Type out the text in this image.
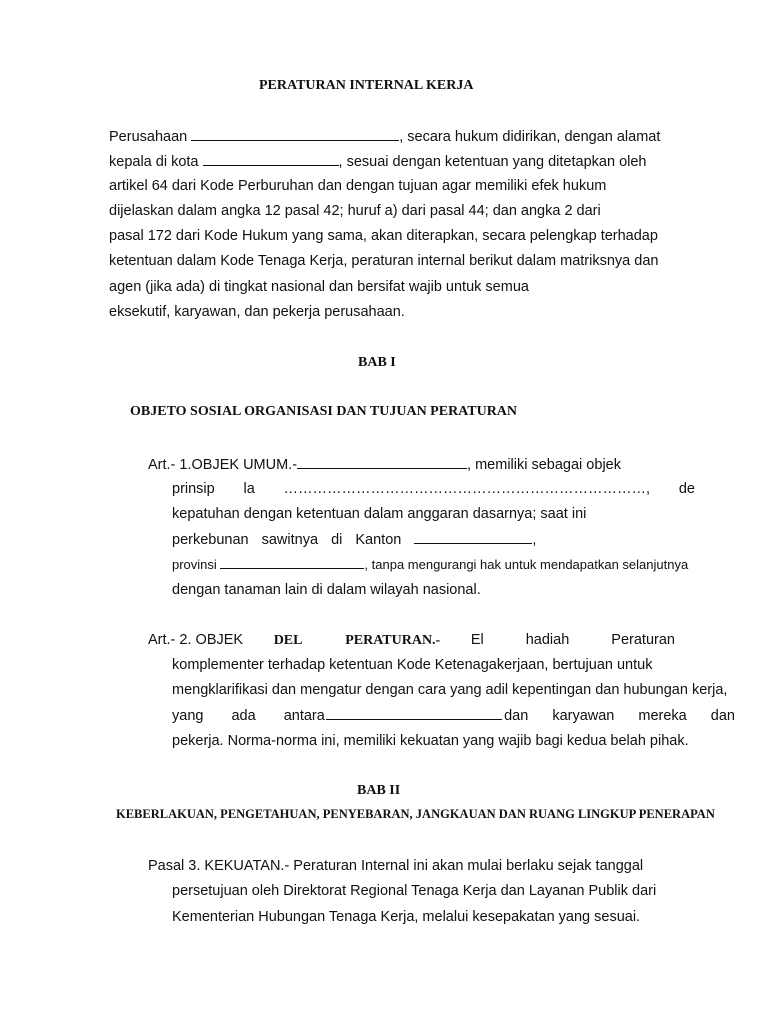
PERATURAN INTERNAL KERJA
Perusahaan	, secara hukum didirikan, dengan alamat
kepala di kota	, sesuai dengan ketentuan yang ditetapkan oleh
artikel 64 dari Kode Perburuhan dan dengan tujuan agar memiliki efek hukum
dijelaskan dalam angka 12 pasal 42; huruf a) dari pasal 44; dan angka 2 dari
pasal 172 dari Kode Hukum yang sama, akan diterapkan, secara pelengkap terhadap
ketentuan dalam Kode Tenaga Kerja, peraturan internal berikut dalam matriksnya dan
agen (jika ada) di tingkat nasional dan bersifat wajib untuk semua
eksekutif, karyawan, dan pekerja perusahaan.
BAB I
OBJETO SOSIAL ORGANISASI DAN TUJUAN PERATURAN
Art.- 1.OBJEK UMUM.-	, memiliki sebagai objek
prinsip la …………………………………………………………………, de
kepatuhan dengan ketentuan dalam anggaran dasarnya; saat ini
perkebunan sawitnya di Kanton	,
provinsi	, tanpa mengurangi hak untuk mendapatkan selanjutnya
dengan tanaman lain di dalam wilayah nasional.
Art.- 2. OBJEK DEL PERATURAN.- El hadiah Peraturan
komplementer terhadap ketentuan Kode Ketenagakerjaan, bertujuan untuk
mengklarifikasi dan mengatur dengan cara yang adil kepentingan dan hubungan kerja,
yang ada antara	dan karyawan mereka dan
pekerja. Norma-norma ini, memiliki kekuatan yang wajib bagi kedua belah pihak.
BAB II
KEBERLAKUAN, PENGETAHUAN, PENYEBARAN, JANGKAUAN DAN RUANG LINGKUP PENERAPAN
Pasal 3. KEKUATAN.- Peraturan Internal ini akan mulai berlaku sejak tanggal
persetujuan oleh Direktorat Regional Tenaga Kerja dan Layanan Publik dari
Kementerian Hubungan Tenaga Kerja, melalui kesepakatan yang sesuai.
